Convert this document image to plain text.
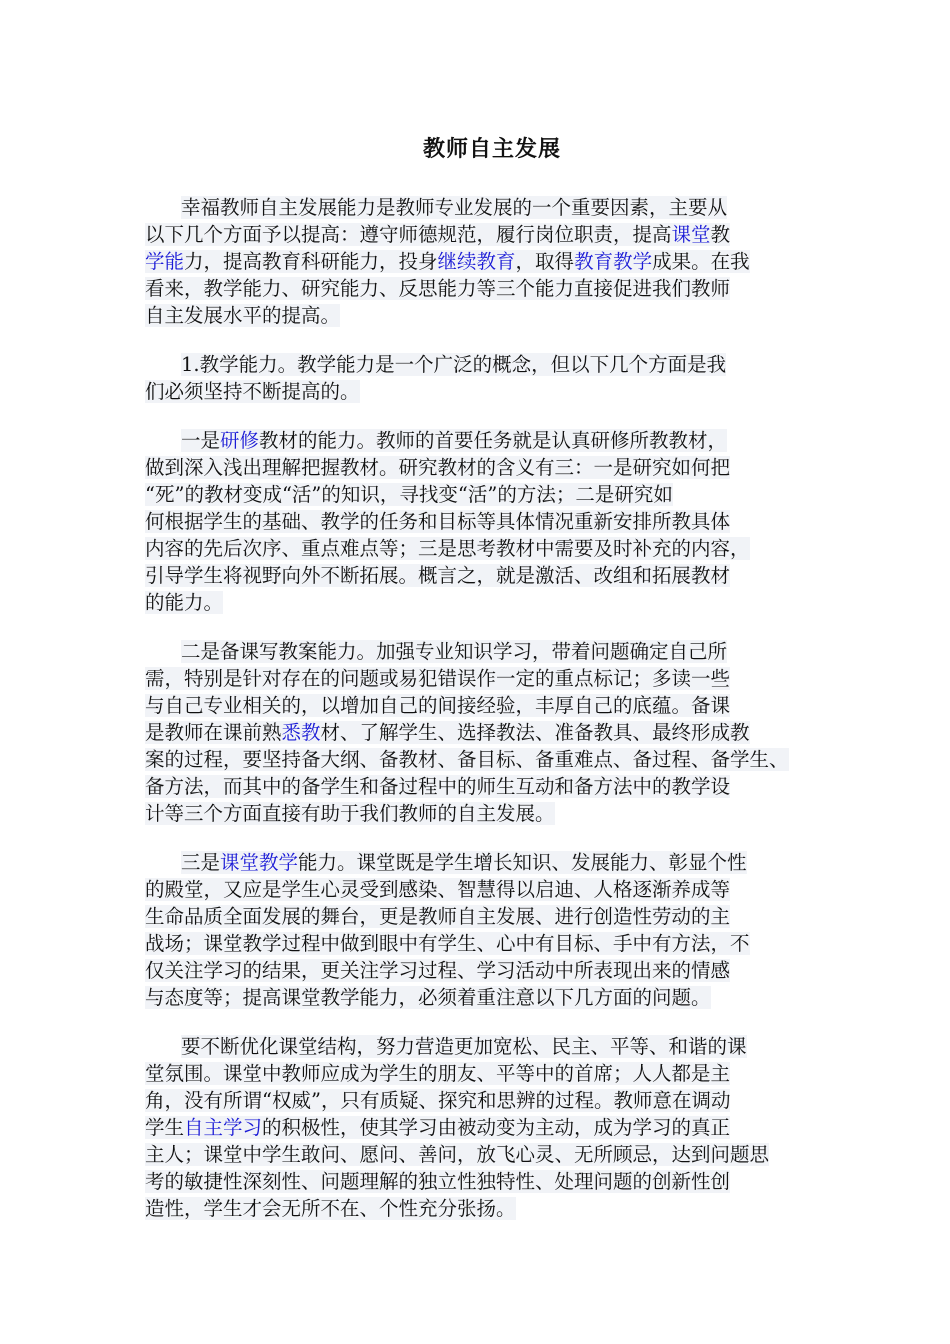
教师自主发展

幸福教师自主发展能力是教师专业发展的一个重要因素，主要从
以下几个方面予以提高：遵守师德规范，履行岗位职责，提高课堂教
学能力，提高教育科研能力，投身继续教育，取得教育教学成果。在我
看来，教学能力、研究能力、反思能力等三个能力直接促进我们教师
自主发展水平的提高。

1.教学能力。教学能力是一个广泛的概念，但以下几个方面是我
们必须坚持不断提高的。

一是研修教材的能力。教师的首要任务就是认真研修所教教材，
做到深入浅出理解把握教材。研究教材的含义有三：一是研究如何把
“死”的教材变成“活”的知识，寻找变“活”的方法；二是研究如
何根据学生的基础、教学的任务和目标等具体情况重新安排所教具体
内容的先后次序、重点难点等；三是思考教材中需要及时补充的内容，
引导学生将视野向外不断拓展。概言之，就是激活、改组和拓展教材
的能力。

二是备课写教案能力。加强专业知识学习，带着问题确定自己所
需，特别是针对存在的问题或易犯错误作一定的重点标记；多读一些
与自己专业相关的，以增加自己的间接经验，丰厚自己的底蕴。备课
是教师在课前熟悉教材、了解学生、选择教法、准备教具、最终形成教
案的过程，要坚持备大纲、备教材、备目标、备重难点、备过程、备学生、
备方法，而其中的备学生和备过程中的师生互动和备方法中的教学设
计等三个方面直接有助于我们教师的自主发展。

三是课堂教学能力。课堂既是学生增长知识、发展能力、彰显个性
的殿堂，又应是学生心灵受到感染、智慧得以启迪、人格逐渐养成等
生命品质全面发展的舞台，更是教师自主发展、进行创造性劳动的主
战场；课堂教学过程中做到眼中有学生、心中有目标、手中有方法，不
仅关注学习的结果，更关注学习过程、学习活动中所表现出来的情感
与态度等；提高课堂教学能力，必须着重注意以下几方面的问题。

要不断优化课堂结构，努力营造更加宽松、民主、平等、和谐的课
堂氛围。课堂中教师应成为学生的朋友、平等中的首席；人人都是主
角，没有所谓“权威”，只有质疑、探究和思辨的过程。教师意在调动
学生自主学习的积极性，使其学习由被动变为主动，成为学习的真正
主人；课堂中学生敢问、愿问、善问，放飞心灵、无所顾忌，达到问题思
考的敏捷性深刻性、问题理解的独立性独特性、处理问题的创新性创
造性，学生才会无所不在、个性充分张扬。
